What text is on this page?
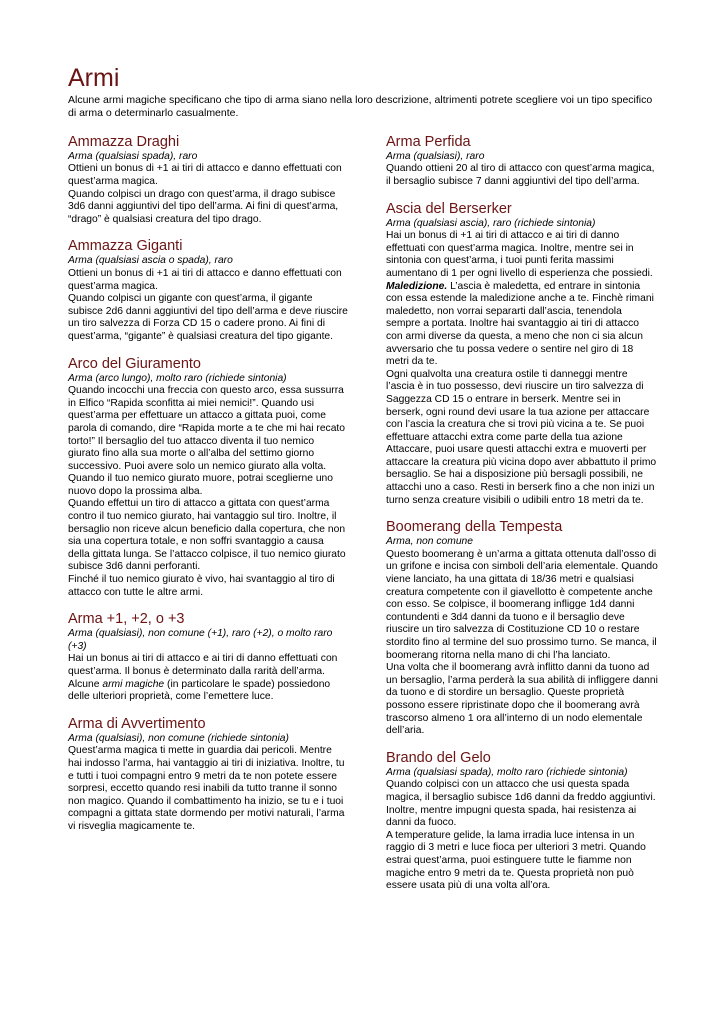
Armi

Alcune armi magiche specificano che tipo di arma siano nella loro descrizione, altrimenti potrete scegliere voi un tipo specifico di arma o determinarlo casualmente.

Ammazza Draghi
Arma (qualsiasi spada), raro

Ottieni un bonus di +1 ai tiri di attacco e danno effettuati con quest’arma magica.

Quando colpisci un drago con quest’arma, il drago subisce 3d6 danni aggiuntivi del tipo dell’arma. Ai fini di quest’arma, “drago” è qualsiasi creatura del tipo drago.

Ammazza Giganti
Arma (qualsiasi ascia o spada), raro

Ottieni un bonus di +1 ai tiri di attacco e danno effettuati con quest’arma magica.

Quando colpisci un gigante con quest’arma, il gigante subisce 2d6 danni aggiuntivi del tipo dell’arma e deve riuscire un tiro salvezza di Forza CD 15 o cadere prono. Ai fini di quest’arma, “gigante” è qualsiasi creatura del tipo gigante.

Arco del Giuramento
Arma (arco lungo), molto raro (richiede sintonia)

Quando incocchi una freccia con questo arco, essa sussurra in Elfico “Rapida sconfitta ai miei nemici!”. Quando usi quest’arma per effettuare un attacco a gittata puoi, come parola di comando, dire “Rapida morte a te che mi hai recato torto!” Il bersaglio del tuo attacco diventa il tuo nemico giurato fino alla sua morte o all’alba del settimo giorno successivo. Puoi avere solo un nemico giurato alla volta. Quando il tuo nemico giurato muore, potrai sceglierne uno nuovo dopo la prossima alba.

Quando effettui un tiro di attacco a gittata con quest’arma contro il tuo nemico giurato, hai vantaggio sul tiro. Inoltre, il bersaglio non riceve alcun beneficio dalla copertura, che non sia una copertura totale, e non soffri svantaggio a causa della gittata lunga. Se l’attacco colpisce, il tuo nemico giurato subisce 3d6 danni perforanti.

Finché il tuo nemico giurato è vivo, hai svantaggio al tiro di attacco con tutte le altre armi.

Arma +1, +2, o +3
Arma (qualsiasi), non comune (+1), raro (+2), o molto raro (+3)

Hai un bonus ai tiri di attacco e ai tiri di danno effettuati con quest’arma. Il bonus è determinato dalla rarità dell’arma.

Alcune armi magiche (in particolare le spade) possiedono delle ulteriori proprietà, come l’emettere luce.

Arma di Avvertimento
Arma (qualsiasi), non comune (richiede sintonia)

Quest’arma magica ti mette in guardia dai pericoli. Mentre hai indosso l’arma, hai vantaggio ai tiri di iniziativa. Inoltre, tu e tutti i tuoi compagni entro 9 metri da te non potete essere sorpresi, eccetto quando resi inabili da tutto tranne il sonno non magico. Quando il combattimento ha inizio, se tu e i tuoi compagni a gittata state dormendo per motivi naturali, l’arma vi risveglia magicamente te.

Arma Perfida
Arma (qualsiasi), raro

Quando ottieni 20 al tiro di attacco con quest’arma magica, il bersaglio subisce 7 danni aggiuntivi del tipo dell’arma.

Ascia del Berserker
Arma (qualsiasi ascia), raro (richiede sintonia)

Hai un bonus di +1 ai tiri di attacco e ai tiri di danno effettuati con quest’arma magica. Inoltre, mentre sei in sintonia con quest’arma, i tuoi punti ferita massimi aumentano di 1 per ogni livello di esperienza che possiedi.

Maledizione. L’ascia è maledetta, ed entrare in sintonia con essa estende la maledizione anche a te. Finchè rimani maledetto, non vorrai separarti dall’ascia, tenendola sempre a portata. Inoltre hai svantaggio ai tiri di attacco con armi diverse da questa, a meno che non ci sia alcun avversario che tu possa vedere o sentire nel giro di 18 metri da te.

Ogni qualvolta una creatura ostile ti danneggi mentre l’ascia è in tuo possesso, devi riuscire un tiro salvezza di Saggezza CD 15 o entrare in berserk. Mentre sei in berserk, ogni round devi usare la tua azione per attaccare con l’ascia la creatura che si trovi più vicina a te. Se puoi effettuare attacchi extra come parte della tua azione Attaccare, puoi usare questi attacchi extra e muoverti per attaccare la creatura più vicina dopo aver abbattuto il primo bersaglio. Se hai a disposizione più bersagli possibili, ne attacchi uno a caso. Resti in berserk fino a che non inizi un turno senza creature visibili o udibili entro 18 metri da te.

Boomerang della Tempesta
Arma, non comune

Questo boomerang è un’arma a gittata ottenuta dall’osso di un grifone e incisa con simboli dell’aria elementale. Quando viene lanciato, ha una gittata di 18/36 metri e qualsiasi creatura competente con il giavellotto è competente anche con esso. Se colpisce, il boomerang infligge 1d4 danni contundenti e 3d4 danni da tuono e il bersaglio deve riuscire un tiro salvezza di Costituzione CD 10 o restare stordito fino al termine del suo prossimo turno. Se manca, il boomerang ritorna nella mano di chi l’ha lanciato.

Una volta che il boomerang avrà inflitto danni da tuono ad un bersaglio, l’arma perderà la sua abilità di infliggere danni da tuono e di stordire un bersaglio. Queste proprietà possono essere ripristinate dopo che il boomerang avrà trascorso almeno 1 ora all’interno di un nodo elementale dell’aria.

Brando del Gelo
Arma (qualsiasi spada), molto raro (richiede sintonia)

Quando colpisci con un attacco che usi questa spada magica, il bersaglio subisce 1d6 danni da freddo aggiuntivi. Inoltre, mentre impugni questa spada, hai resistenza ai danni da fuoco.

A temperature gelide, la lama irradia luce intensa in un raggio di 3 metri e luce fioca per ulteriori 3 metri. Quando estrai quest’arma, puoi estinguere tutte le fiamme non magiche entro 9 metri da te. Questa proprietà non può essere usata più di una volta all’ora.
